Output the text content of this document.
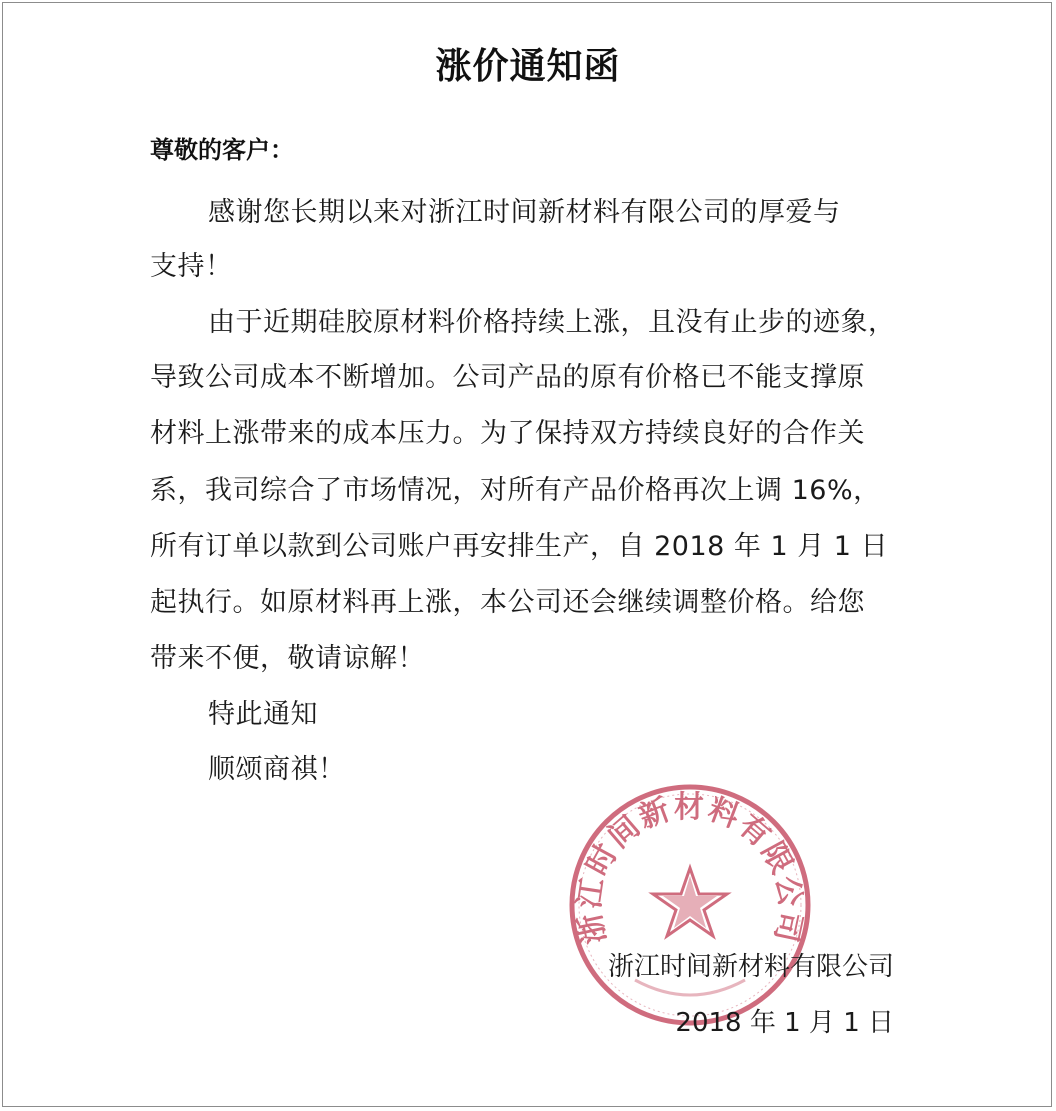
涨价通知函
尊敬的客户：
感谢您长期以来对浙江时间新材料有限公司的厚爱与
支持！
由于近期硅胶原材料价格持续上涨，且没有止步的迹象，
导致公司成本不断增加。公司产品的原有价格已不能支撑原
材料上涨带来的成本压力。为了保持双方持续良好的合作关
系，我司综合了市场情况，对所有产品价格再次上调 16%，
所有订单以款到公司账户再安排生产，自 2018 年 1 月 1 日
起执行。如原材料再上涨，本公司还会继续调整价格。给您
带来不便，敬请谅解！
特此通知
顺颂商祺！
浙江时间新材料有限公司
浙江时间新材料有限公司
2018 年 1 月 1 日
